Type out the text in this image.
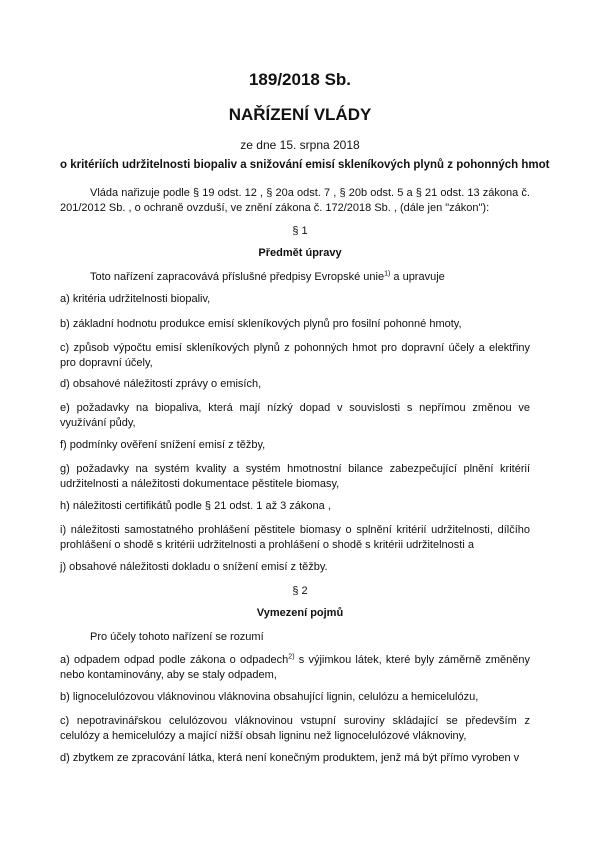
189/2018 Sb.
NAŘÍZENÍ VLÁDY
ze dne 15. srpna 2018
o kritériích udržitelnosti biopaliv a snižování emisí skleníkových plynů z pohonných hmot

Vláda nařizuje podle § 19 odst. 12 , § 20a odst. 7 , § 20b odst. 5 a § 21 odst. 13 zákona č. 201/2012 Sb. , o ochraně ovzduší, ve znění zákona č. 172/2018 Sb. , (dále jen "zákon"):

§ 1
Předmět úpravy

Toto nařízení zapracovává příslušné předpisy Evropské unie$^{1)}$ a upravuje

a) kritéria udržitelnosti biopaliv,

b) základní hodnotu produkce emisí skleníkových plynů pro fosilní pohonné hmoty,

c) způsob výpočtu emisí skleníkových plynů z pohonných hmot pro dopravní účely a elektřiny pro dopravní účely,

d) obsahové náležitosti zprávy o emisích,

e) požadavky na biopaliva, která mají nízký dopad v souvislosti s nepřímou změnou ve využívání půdy,

f) podmínky ověření snížení emisí z těžby,

g) požadavky na systém kvality a systém hmotnostní bilance zabezpečující plnění kritérií udržitelnosti a náležitosti dokumentace pěstitele biomasy,

h) náležitosti certifikátů podle § 21 odst. 1 až 3 zákona ,

i) náležitosti samostatného prohlášení pěstitele biomasy o splnění kritérií udržitelnosti, dílčího prohlášení o shodě s kritérii udržitelnosti a prohlášení o shodě s kritérii udržitelnosti a

j) obsahové náležitosti dokladu o snížení emisí z těžby.

§ 2
Vymezení pojmů

Pro účely tohoto nařízení se rozumí

a) odpadem odpad podle zákona o odpadech$^{2)}$ s výjimkou látek, které byly záměrně změněny nebo kontaminovány, aby se staly odpadem,

b) lignocelulózovou vláknovinou vláknovina obsahující lignin, celulózu a hemicelulózu,

c) nepotravinářskou celulózovou vláknovinou vstupní suroviny skládající se především z celulózy a hemicelulózy a mající nižší obsah ligninu než lignocelulózové vláknoviny,

d) zbytkem ze zpracování látka, která není konečným produktem, jenž má být přímo vyroben v
